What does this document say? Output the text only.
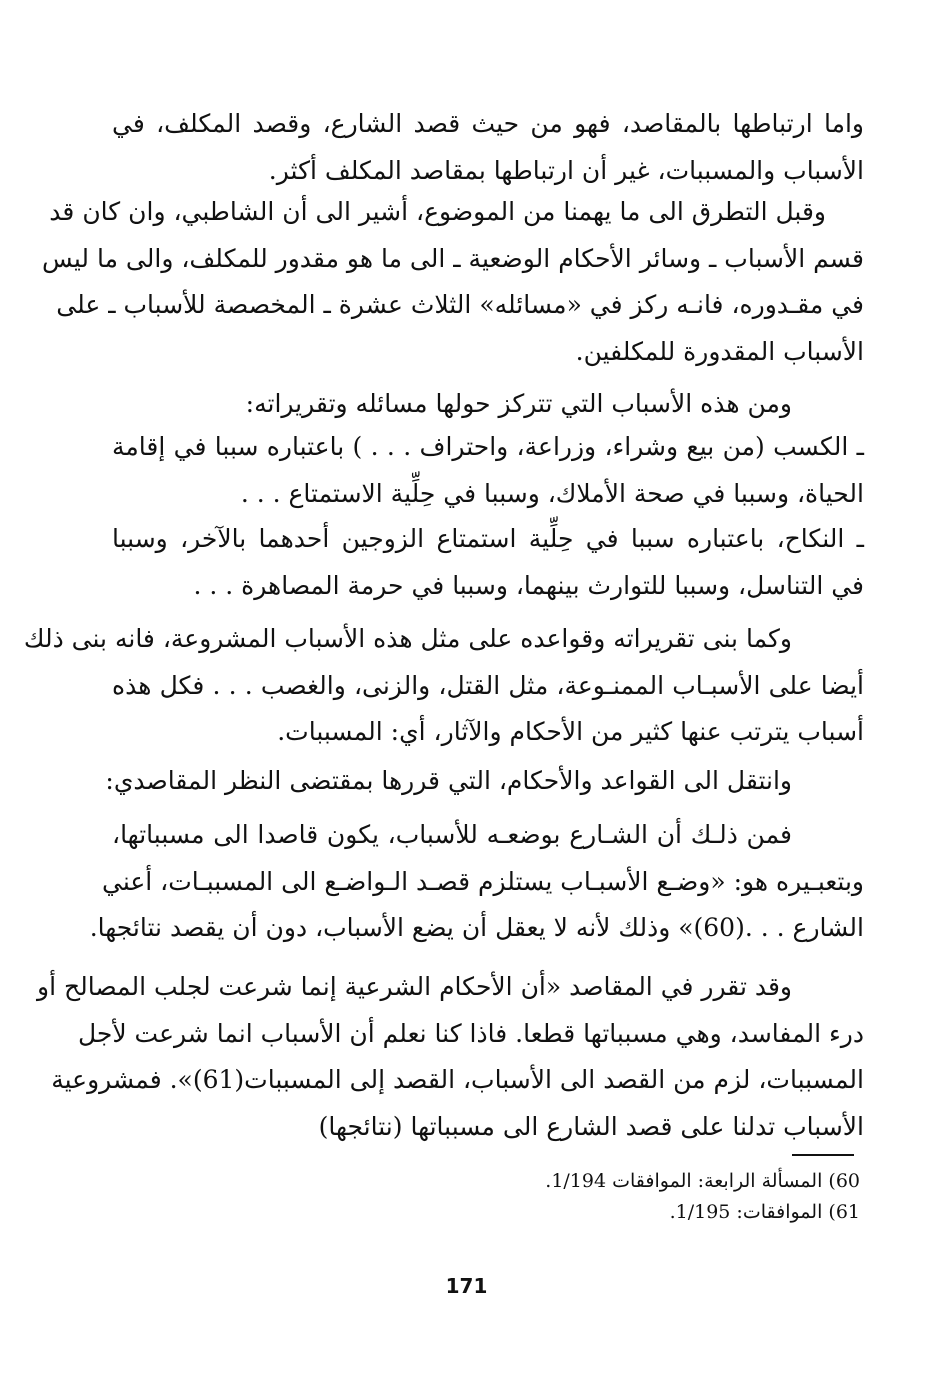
واما ارتباطها بالمقاصد، فهو من حيث قصد الشارع، وقصد المكلف، في
الأسباب والمسببات، غير أن ارتباطها بمقاصد المكلف أكثر.

وقبل التطرق الى ما يهمنا من الموضوع، أشير الى أن الشاطبي، وان كان قد
قسم الأسباب ـ وسائر الأحكام الوضعية ـ الى ما هو مقدور للمكلف، والى ما ليس
في مقـدوره، فانـه ركز في «مسائله» الثلاث عشرة ـ المخصصة للأسباب ـ على
الأسباب المقدورة للمكلفين.

ومن هذه الأسباب التي تتركز حولها مسائله وتقريراته:

ـ الكسب (من بيع وشراء، وزراعة، واحتراف . . . ) باعتباره سببا في إقامة
الحياة، وسببا في صحة الأملاك، وسببا في حِلِّية الاستمتاع . . .

ـ النكاح، باعتباره سببا في حِلِّية استمتاع الزوجين أحدهما بالآخر، وسببا
في التناسل، وسببا للتوارث بينهما، وسببا في حرمة المصاهرة . . .

وكما بنى تقريراته وقواعده على مثل هذه الأسباب المشروعة، فانه بنى ذلك
أيضا على الأسبـاب الممنـوعة، مثل القتل، والزنى، والغصب . . . فكل هذه
أسباب يترتب عنها كثير من الأحكام والآثار، أي: المسببات.

وانتقل الى القواعد والأحكام، التي قررها بمقتضى النظر المقاصدي:

فمن ذلـك أن الشـارع بوضعـه للأسباب، يكون قاصدا الى مسبباتها،
وبتعبـيره هو: «وضـع الأسبـاب يستلزم قصـد الـواضـع الى المسببـات، أعني
الشارع . . .(60)» وذلك لأنه لا يعقل أن يضع الأسباب، دون أن يقصد نتائجها.

وقد تقرر في المقاصد «أن الأحكام الشرعية إنما شرعت لجلب المصالح أو
درء المفاسد، وهي مسبباتها قطعا. فاذا كنا نعلم أن الأسباب انما شرعت لأجل
المسببات، لزم من القصد الى الأسباب، القصد إلى المسببات(61)». فمشروعية
الأسباب تدلنا على قصد الشارع الى مسبباتها (نتائجها)

60) المسألة الرابعة: الموافقات 1/194.

61) الموافقات: 1/195.

171
